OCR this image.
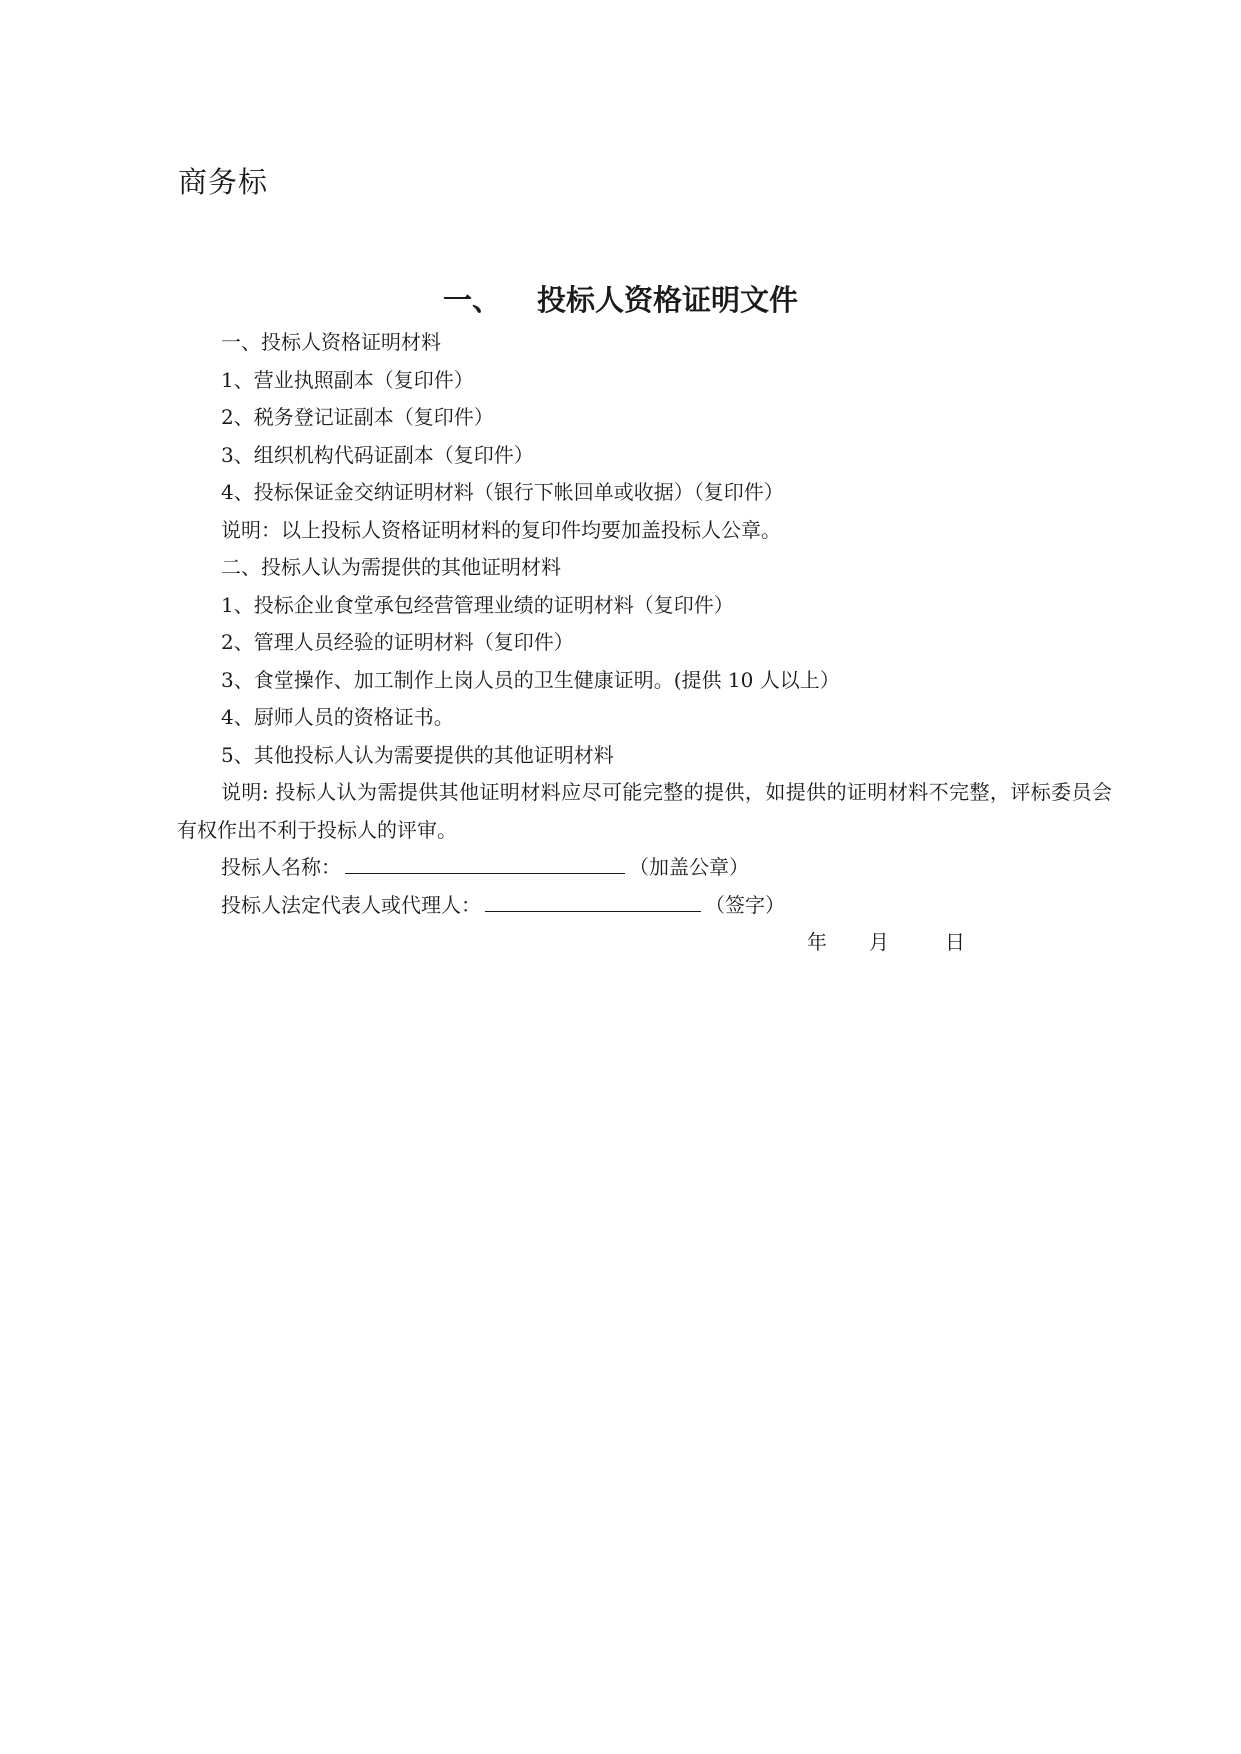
商务标
一、 投标人资格证明文件
一、投标人资格证明材料
1、营业执照副本（复印件）
2、税务登记证副本（复印件）
3、组织机构代码证副本（复印件）
4、投标保证金交纳证明材料（银行下帐回单或收据）（复印件）
说明：以上投标人资格证明材料的复印件均要加盖投标人公章。
二、投标人认为需提供的其他证明材料
1、投标企业食堂承包经营管理业绩的证明材料（复印件）
2、管理人员经验的证明材料（复印件）
3、食堂操作、加工制作上岗人员的卫生健康证明。(提供 10 人以上）
4、厨师人员的资格证书。
5、其他投标人认为需要提供的其他证明材料
说明: 投标人认为需提供其他证明材料应尽可能完整的提供，如提供的证明材料不完整，评标委员会有权作出不利于投标人的评审。
投标人名称：	（加盖公章）
投标人法定代表人或代理人：	（签字）
年 月	日
